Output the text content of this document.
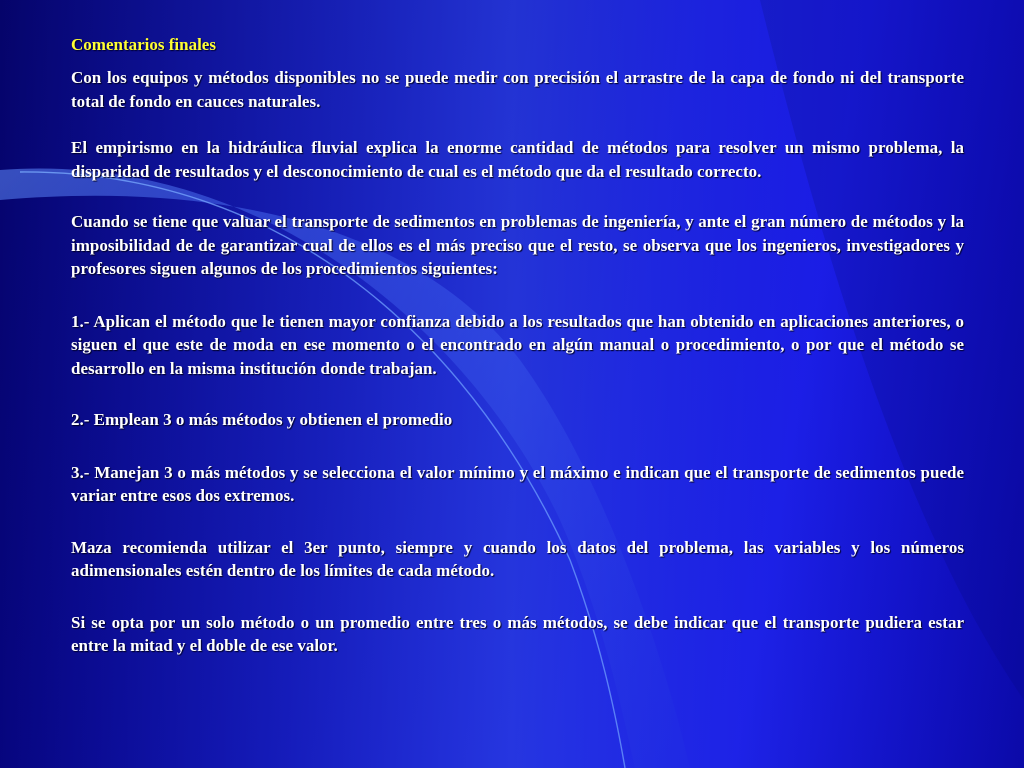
Comentarios finales

Con los equipos y métodos disponibles no se puede medir con precisión el arrastre de la capa de fondo ni del transporte total de fondo en cauces naturales.

El empirismo en la hidráulica fluvial explica la enorme cantidad de métodos para resolver un mismo problema, la disparidad de resultados y el desconocimiento de cual es el método que da el resultado correcto.

Cuando se tiene que valuar el transporte de sedimentos en problemas de ingeniería, y ante el gran número de métodos y la imposibilidad de de garantizar cual de ellos es el más preciso que el resto, se observa que los ingenieros, investigadores y profesores siguen algunos de los procedimientos siguientes:

1.- Aplican el método que le tienen mayor confianza debido a los resultados que han obtenido en aplicaciones anteriores, o siguen el que este de moda en ese momento o el encontrado en algún manual o procedimiento, o por que el método se desarrollo en la misma institución donde trabajan.

2.- Emplean 3 o más métodos y obtienen el promedio

3.- Manejan 3 o más métodos y se selecciona el valor mínimo y el máximo e indican que el transporte de sedimentos puede variar entre esos dos extremos.

Maza recomienda utilizar el 3er punto, siempre y cuando los datos del problema, las variables y los números adimensionales estén dentro de los límites de cada método.

Si se opta por un solo método o un promedio entre tres o más métodos, se debe indicar que el transporte pudiera estar entre la mitad y el doble de ese valor.
